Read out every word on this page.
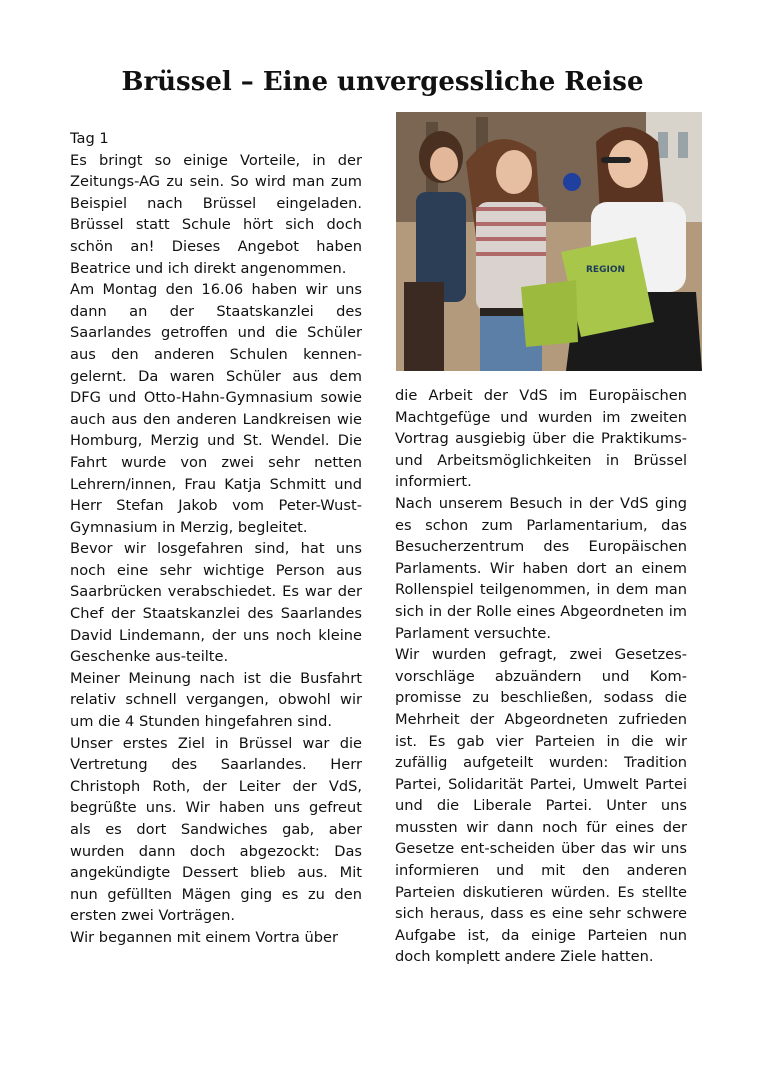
Brüssel – Eine unvergessliche Reise

Tag 1

Es bringt so einige Vorteile, in der Zeitungs-AG zu sein. So wird man zum Beispiel nach Brüssel eingeladen. Brüssel statt Schule hört sich doch schön an! Dieses Angebot haben Beatrice und ich direkt angenommen.

Am Montag den 16.06 haben wir uns dann an der Staatskanzlei des Saarlandes getroffen und die Schüler aus den anderen Schulen kennengelernt. Da waren Schüler aus dem DFG und Otto-Hahn-Gymnasium sowie auch aus den anderen Landkreisen wie Homburg, Merzig und St. Wendel. Die Fahrt wurde von zwei sehr netten Lehrern/innen, Frau Katja Schmitt und Herr Stefan Jakob vom Peter-Wust-Gymnasium in Merzig, begleitet.

Bevor wir losgefahren sind, hat uns noch eine sehr wichtige Person aus Saarbrücken verabschiedet. Es war der Chef der Staatskanzlei des Saarlandes David Lindemann, der uns noch kleine Geschenke aus-teilte.

Meiner Meinung nach ist die Busfahrt relativ schnell vergangen, obwohl wir um die 4 Stunden hingefahren sind.

Unser erstes Ziel in Brüssel war die Vertretung des Saarlandes. Herr Christoph Roth, der Leiter der VdS, begrüßte uns. Wir haben uns gefreut als es dort Sandwiches gab, aber wurden dann doch abgezockt: Das angekündigte Dessert blieb aus. Mit nun gefüllten Mägen ging es zu den ersten zwei Vorträgen.

Wir begannen mit einem Vortra über

REGION

die Arbeit der VdS im Europäischen Machtgefüge und wurden im zweiten Vortrag ausgiebig über die Praktikums- und Arbeitsmöglichkeiten in Brüssel informiert.

Nach unserem Besuch in der VdS ging es schon zum Parlamentarium, das Besucherzentrum des Europäischen Parlaments. Wir haben dort an einem Rollenspiel teilgenommen, in dem man sich in der Rolle eines Abgeordneten im Parlament versuchte.

Wir wurden gefragt, zwei Gesetzesvorschläge abzuändern und Kompromisse zu beschließen, sodass die Mehrheit der Abgeordneten zufrieden ist. Es gab vier Parteien in die wir zufällig aufgeteilt wurden: Tradition Partei, Solidarität Partei, Umwelt Partei und die Liberale Partei. Unter uns mussten wir dann noch für eines der Gesetze ent-scheiden über das wir uns informieren und mit den anderen Parteien diskutieren würden. Es stellte sich heraus, dass es eine sehr schwere Aufgabe ist, da einige Parteien nun doch komplett andere Ziele hatten.
